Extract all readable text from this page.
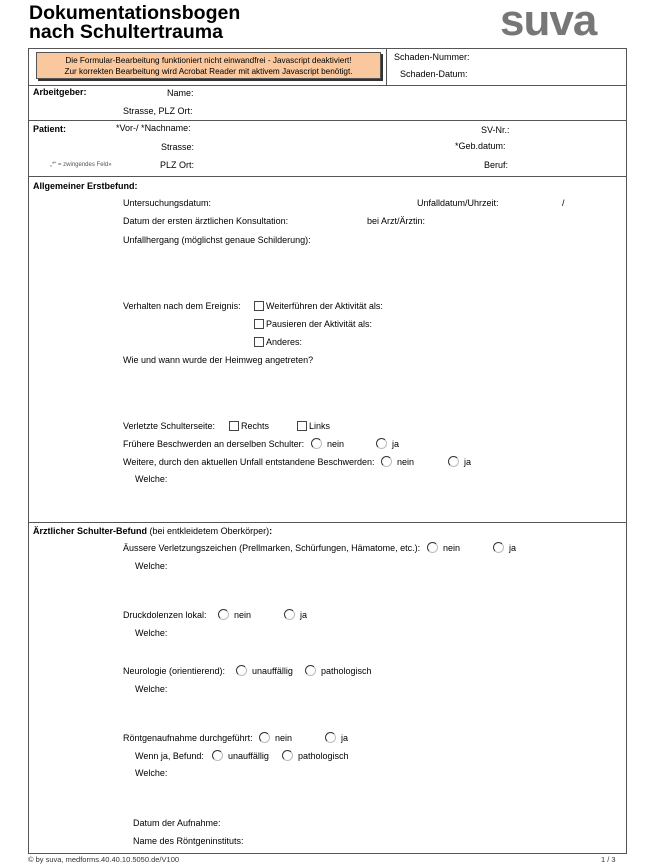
Dokumentationsbogen
nach Schultertrauma	suva
Die Formular-Bearbeitung funktioniert nicht einwandfrei - Javascript deaktiviert!
Zur korrekten Bearbeitung wird Acrobat Reader mit aktivem Javascript benötigt.
Schaden-Nummer:
Schaden-Datum:
Arbeitgeber:	Name:
Strasse, PLZ Ort:
Patient:	*Vor-/ *Nachname:	SV-Nr.:
Strasse:	*Geb.datum:
„*“ = zwingendes Feld»	PLZ Ort:	Beruf:
Allgemeiner Erstbefund:
Untersuchungsdatum:	Unfalldatum/Uhrzeit:	/
Datum der ersten ärztlichen Konsultation:	bei Arzt/Ärztin:
Unfallhergang (möglichst genaue Schilderung):
Verhalten nach dem Ereignis:	Weiterführen der Aktivität als:
Pausieren der Aktivität als:
Anderes:
Wie und wann wurde der Heimweg angetreten?
Verletzte Schulterseite:	Rechts	Links
Frühere Beschwerden an derselben Schulter:	nein	ja
Weitere, durch den aktuellen Unfall entstandene Beschwerden:	nein	ja
Welche:
Ärztlicher Schulter-Befund (bei entkleidetem Oberkörper):
Äussere Verletzungszeichen (Prellmarken, Schürfungen, Hämatome, etc.):	nein	ja
Welche:
Druckdolenzen lokal:	nein	ja
Welche:
Neurologie (orientierend):	unauffällig	pathologisch
Welche:
Röntgenaufnahme durchgeführt: nein	ja
Wenn ja, Befund:	unauffällig	pathologisch
Welche:
Datum der Aufnahme:
Name des Röntgeninstituts:
© by suva, medforms.40.40.10.5050.de/V100	1 / 3
